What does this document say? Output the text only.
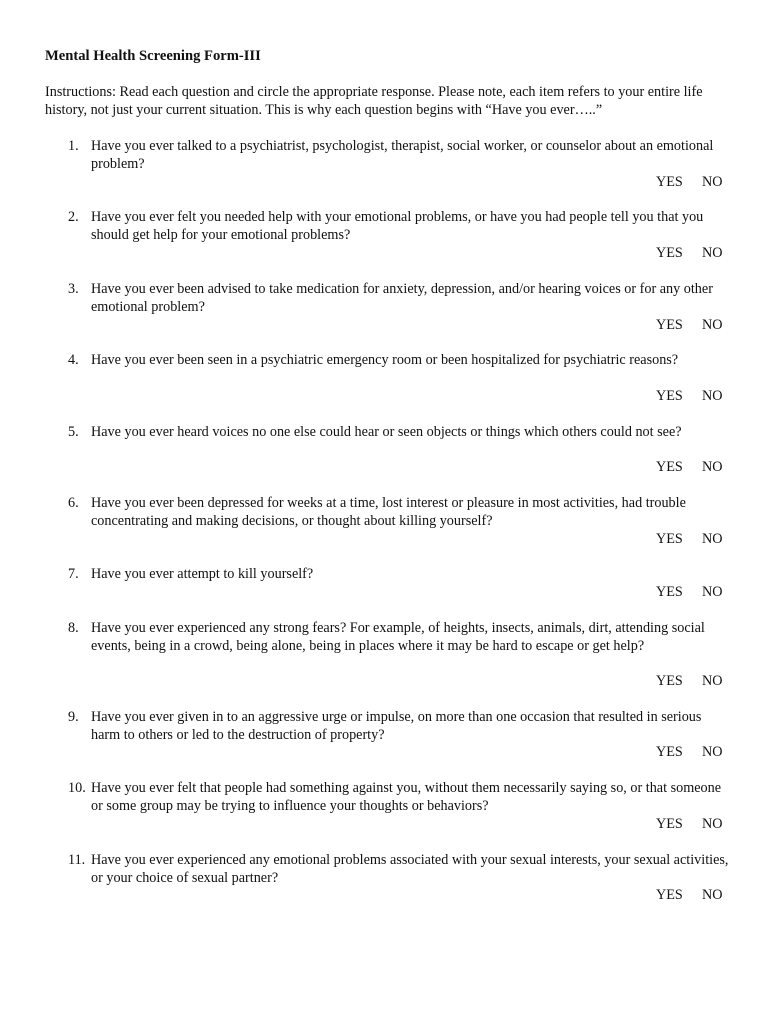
Mental Health Screening Form-III
Instructions: Read each question and circle the appropriate response. Please note, each item refers to your entire life history, not just your current situation. This is why each question begins with “Have you ever…..”
1. Have you ever talked to a psychiatrist, psychologist, therapist, social worker, or counselor about an emotional problem?
YES NO
2. Have you ever felt you needed help with your emotional problems, or have you had people tell you that you should get help for your emotional problems?
YES NO
3. Have you ever been advised to take medication for anxiety, depression, and/or hearing voices or for any other emotional problem?
YES NO
4. Have you ever been seen in a psychiatric emergency room or been hospitalized for psychiatric reasons?
YES NO
5. Have you ever heard voices no one else could hear or seen objects or things which others could not see?
YES NO
6. Have you ever been depressed for weeks at a time, lost interest or pleasure in most activities, had trouble concentrating and making decisions, or thought about killing yourself?
YES NO
7. Have you ever attempt to kill yourself?
YES NO
8. Have you ever experienced any strong fears? For example, of heights, insects, animals, dirt, attending social events, being in a crowd, being alone, being in places where it may be hard to escape or get help?
YES NO
9. Have you ever given in to an aggressive urge or impulse, on more than one occasion that resulted in serious harm to others or led to the destruction of property?
YES NO
10. Have you ever felt that people had something against you, without them necessarily saying so, or that someone or some group may be trying to influence your thoughts or behaviors?
YES NO
11. Have you ever experienced any emotional problems associated with your sexual interests, your sexual activities, or your choice of sexual partner?
YES NO
